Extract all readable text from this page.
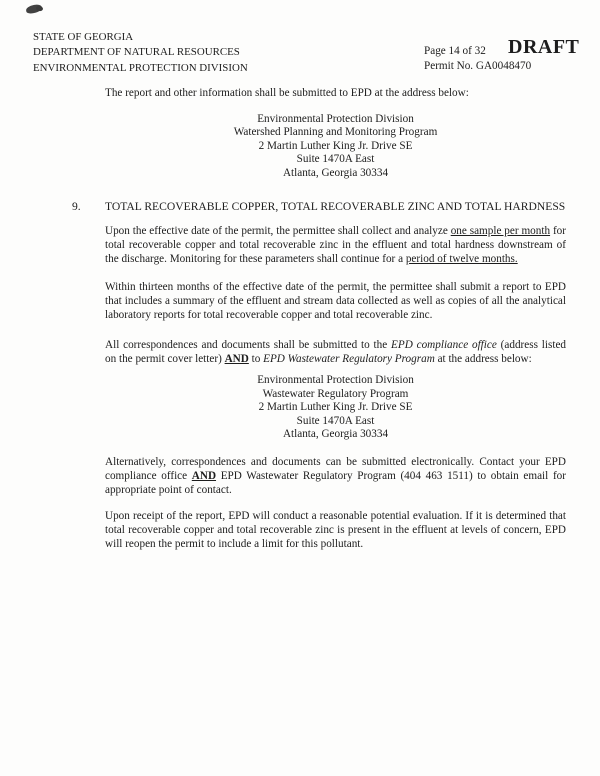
STATE OF GEORGIA
DEPARTMENT OF NATURAL RESOURCES
ENVIRONMENTAL PROTECTION DIVISION
Page 14 of 32 DRAFT
Permit No. GA0048470

The report and other information shall be submitted to EPD at the address below:

Environmental Protection Division
Watershed Planning and Monitoring Program
2 Martin Luther King Jr. Drive SE
Suite 1470A East
Atlanta, Georgia 30334
9.	TOTAL RECOVERABLE COPPER, TOTAL RECOVERABLE ZINC AND TOTAL HARDNESS

Upon the effective date of the permit, the permittee shall collect and analyze one sample per month for total recoverable copper and total recoverable zinc in the effluent and total hardness downstream of the discharge. Monitoring for these parameters shall continue for a period of twelve months.

Within thirteen months of the effective date of the permit, the permittee shall submit a report to EPD that includes a summary of the effluent and stream data collected as well as copies of all the analytical laboratory reports for total recoverable copper and total recoverable zinc.

All correspondences and documents shall be submitted to the EPD compliance office (address listed on the permit cover letter) AND to EPD Wastewater Regulatory Program at the address below:

Environmental Protection Division
Wastewater Regulatory Program
2 Martin Luther King Jr. Drive SE
Suite 1470A East
Atlanta, Georgia 30334

Alternatively, correspondences and documents can be submitted electronically. Contact your EPD compliance office AND EPD Wastewater Regulatory Program (404 463 1511) to obtain email for appropriate point of contact.

Upon receipt of the report, EPD will conduct a reasonable potential evaluation. If it is determined that total recoverable copper and total recoverable zinc is present in the effluent at levels of concern, EPD will reopen the permit to include a limit for this pollutant.
